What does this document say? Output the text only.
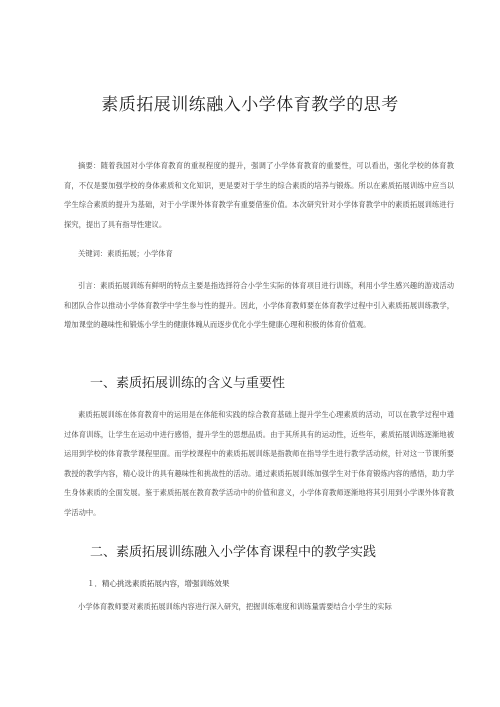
素质拓展训练融入小学体育教学的思考

摘要：随着我国对小学体育教育的重视程度的提升，强调了小学体育教育的重要性，可以看出，强化学校的体育教育，不仅是要加强学校的身体素质和文化知识，更是要对于学生的综合素质的培养与锻炼。所以在素质拓展训练中应当以学生综合素质的提升为基础，对于小学课外体育教学有重要借鉴价值。本次研究针对小学体育教学中的素质拓展训练进行探究，提出了具有指导性建议。

关键词：素质拓展；小学体育

引言：素质拓展训练有鲜明的特点主要是指选择符合小学生实际的体育项目进行训练，利用小学生感兴趣的游戏活动和团队合作以推动小学体育教学中学生参与性的提升。因此，小学体育教师要在体育教学过程中引入素质拓展训练教学，增加课堂的趣味性和锻炼小学生的健康体魄从而逐步优化小学生健康心理和积极的体育价值观。

一、素质拓展训练的含义与重要性

素质拓展训练在体育教育中的运用是在体能和实践的综合教育基础上提升学生心理素质的活动，可以在教学过程中通过体育训练，让学生在运动中进行感悟，提升学生的思想品质。由于其所具有的运动性，近些年，素质拓展训练逐渐地被运用到学校的体育教学课程里面。而学校课程中的素质拓展训练是指教师在指导学生进行教学活动候，针对这一节课所要教授的教学内容，精心设计的具有趣味性和挑战性的活动。通过素质拓展训练加强学生对于体育锻炼内容的感悟，助力学生身体素质的全面发展。鉴于素质拓展在教育教学活动中的价值和意义，小学体育教师逐渐地将其引用到小学课外体育教学活动中。

二、素质拓展训练融入小学体育课程中的教学实践
１．精心挑选素质拓展内容，增强训练效果

小学体育教师要对素质拓展训练内容进行深入研究，把握训练难度和训练量需要结合小学生的实际
